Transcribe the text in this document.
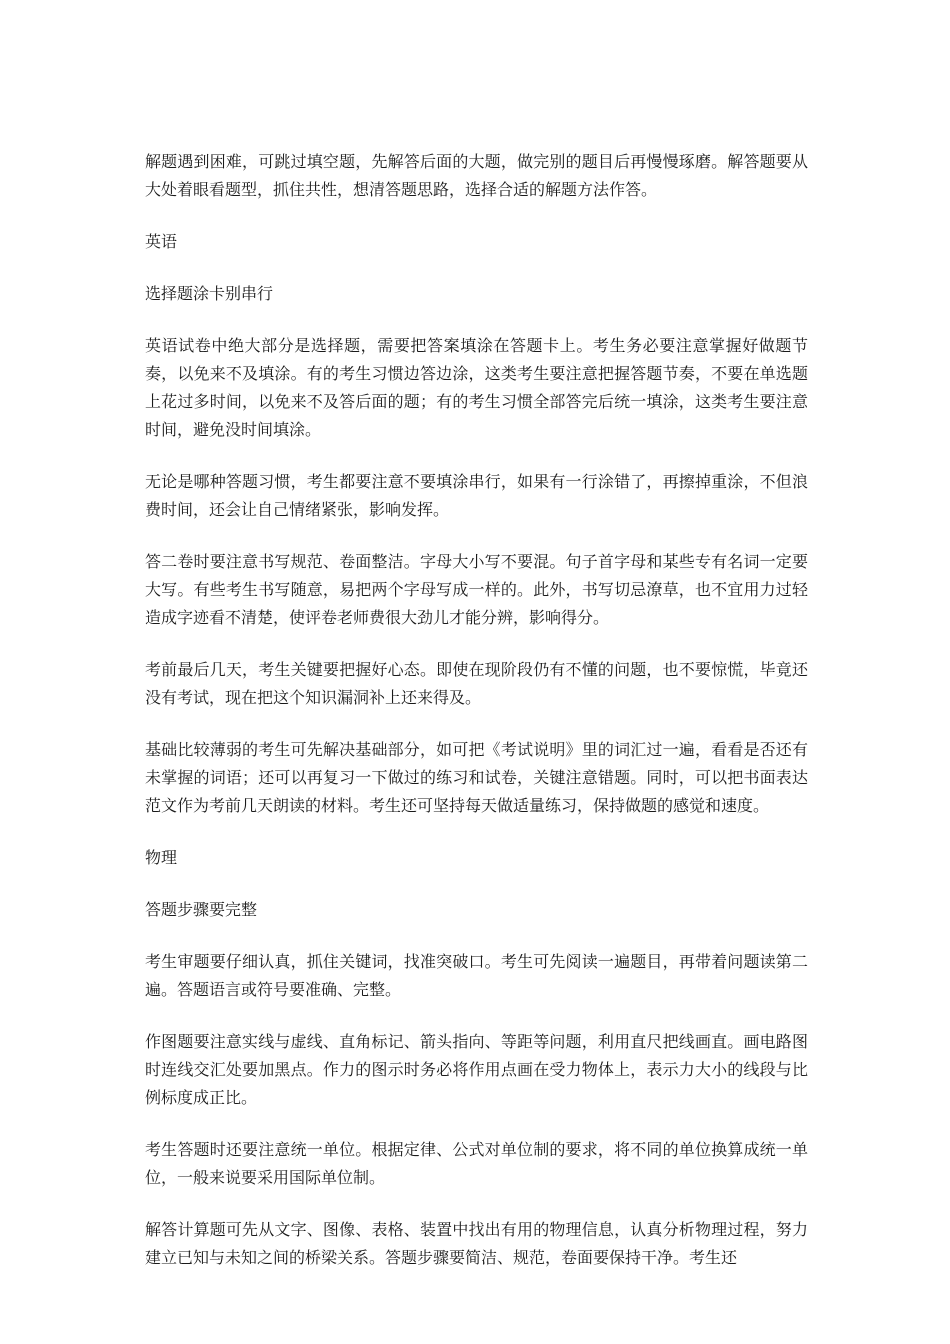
解题遇到困难，可跳过填空题，先解答后面的大题，做完别的题目后再慢慢琢磨。解答题要从大处着眼看题型，抓住共性，想清答题思路，选择合适的解题方法作答。

英语

选择题涂卡别串行

英语试卷中绝大部分是选择题，需要把答案填涂在答题卡上。考生务必要注意掌握好做题节奏，以免来不及填涂。有的考生习惯边答边涂，这类考生要注意把握答题节奏，不要在单选题上花过多时间，以免来不及答后面的题；有的考生习惯全部答完后统一填涂，这类考生要注意时间，避免没时间填涂。

无论是哪种答题习惯，考生都要注意不要填涂串行，如果有一行涂错了，再擦掉重涂，不但浪费时间，还会让自己情绪紧张，影响发挥。

答二卷时要注意书写规范、卷面整洁。字母大小写不要混。句子首字母和某些专有名词一定要大写。有些考生书写随意，易把两个字母写成一样的。此外，书写切忌潦草，也不宜用力过轻造成字迹看不清楚，使评卷老师费很大劲儿才能分辨，影响得分。

考前最后几天，考生关键要把握好心态。即使在现阶段仍有不懂的问题，也不要惊慌，毕竟还没有考试，现在把这个知识漏洞补上还来得及。

基础比较薄弱的考生可先解决基础部分，如可把《考试说明》里的词汇过一遍，看看是否还有未掌握的词语；还可以再复习一下做过的练习和试卷，关键注意错题。同时，可以把书面表达范文作为考前几天朗读的材料。考生还可坚持每天做适量练习，保持做题的感觉和速度。

物理

答题步骤要完整

考生审题要仔细认真，抓住关键词，找准突破口。考生可先阅读一遍题目，再带着问题读第二遍。答题语言或符号要准确、完整。

作图题要注意实线与虚线、直角标记、箭头指向、等距等问题，利用直尺把线画直。画电路图时连线交汇处要加黑点。作力的图示时务必将作用点画在受力物体上，表示力大小的线段与比例标度成正比。

考生答题时还要注意统一单位。根据定律、公式对单位制的要求，将不同的单位换算成统一单位，一般来说要采用国际单位制。

解答计算题可先从文字、图像、表格、装置中找出有用的物理信息，认真分析物理过程，努力建立已知与未知之间的桥梁关系。答题步骤要简洁、规范，卷面要保持干净。考生还
